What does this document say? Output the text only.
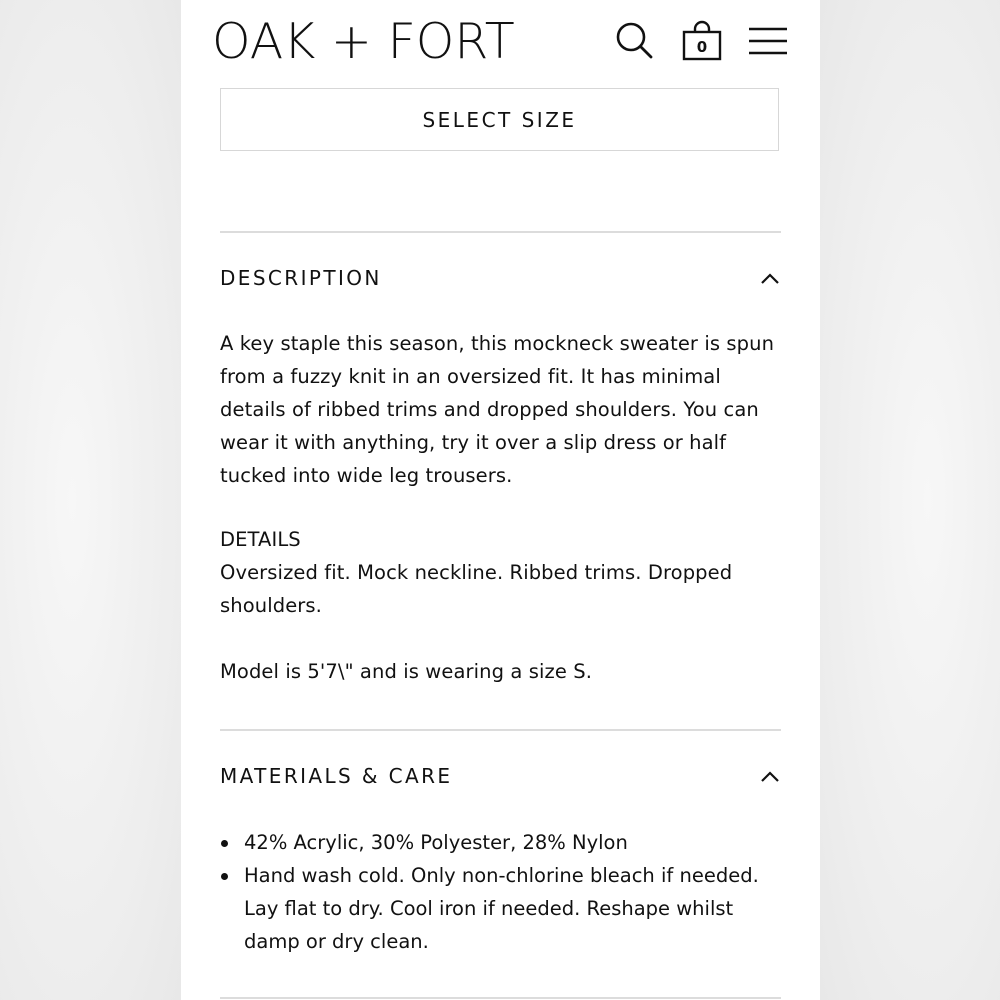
OAK + FORT	0
SELECT SIZE
DESCRIPTION
A key staple this season, this mockneck sweater is spun from a fuzzy knit in an oversized fit. It has minimal details of ribbed trims and dropped shoulders. You can wear it with anything, try it over a slip dress or half tucked into wide leg trousers.
DETAILS
Oversized fit. Mock neckline. Ribbed trims. Dropped shoulders.
Model is 5'7\" and is wearing a size S.
MATERIALS & CARE
42% Acrylic, 30% Polyester, 28% Nylon
Hand wash cold. Only non-chlorine bleach if needed. Lay flat to dry. Cool iron if needed. Reshape whilst damp or dry clean.
